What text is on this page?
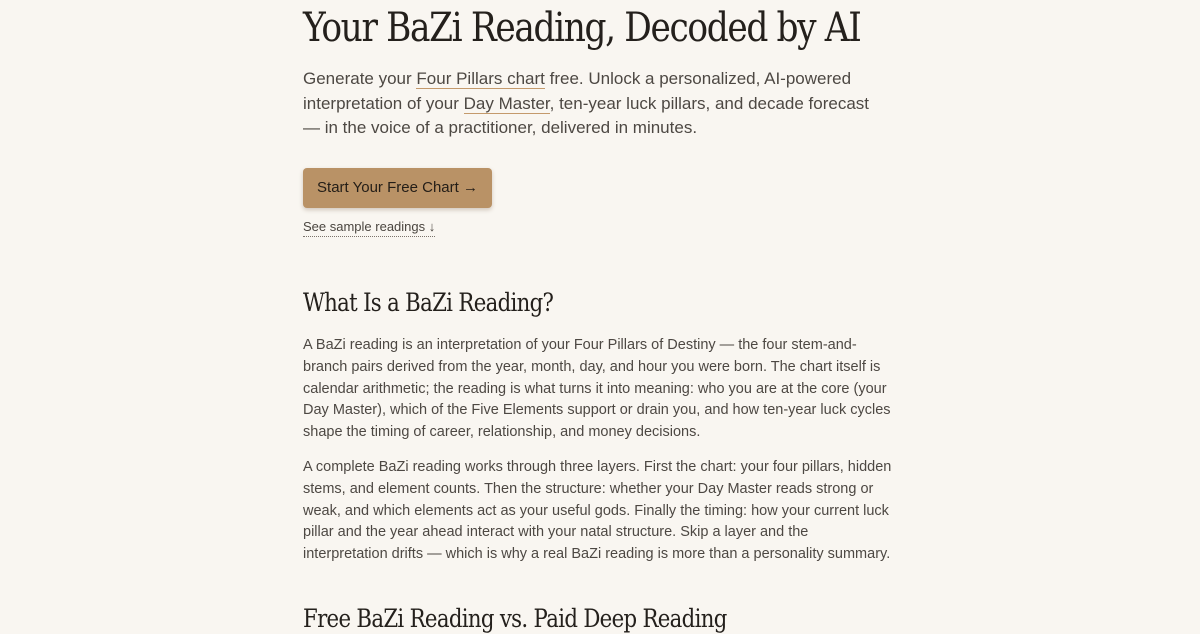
Your BaZi Reading, Decoded by AI

Generate your Four Pillars chart free. Unlock a personalized, AI-powered interpretation of your Day Master, ten-year luck pillars, and decade forecast — in the voice of a practitioner, delivered in minutes.

Start Your Free Chart →
See sample readings ↓
What Is a BaZi Reading?

A BaZi reading is an interpretation of your Four Pillars of Destiny — the four stem-and-branch pairs derived from the year, month, day, and hour you were born. The chart itself is calendar arithmetic; the reading is what turns it into meaning: who you are at the core (your Day Master), which of the Five Elements support or drain you, and how ten-year luck cycles shape the timing of career, relationship, and money decisions.

A complete BaZi reading works through three layers. First the chart: your four pillars, hidden stems, and element counts. Then the structure: whether your Day Master reads strong or weak, and which elements act as your useful gods. Finally the timing: how your current luck pillar and the year ahead interact with your natal structure. Skip a layer and the interpretation drifts — which is why a real BaZi reading is more than a personality summary.

Free BaZi Reading vs. Paid Deep Reading
